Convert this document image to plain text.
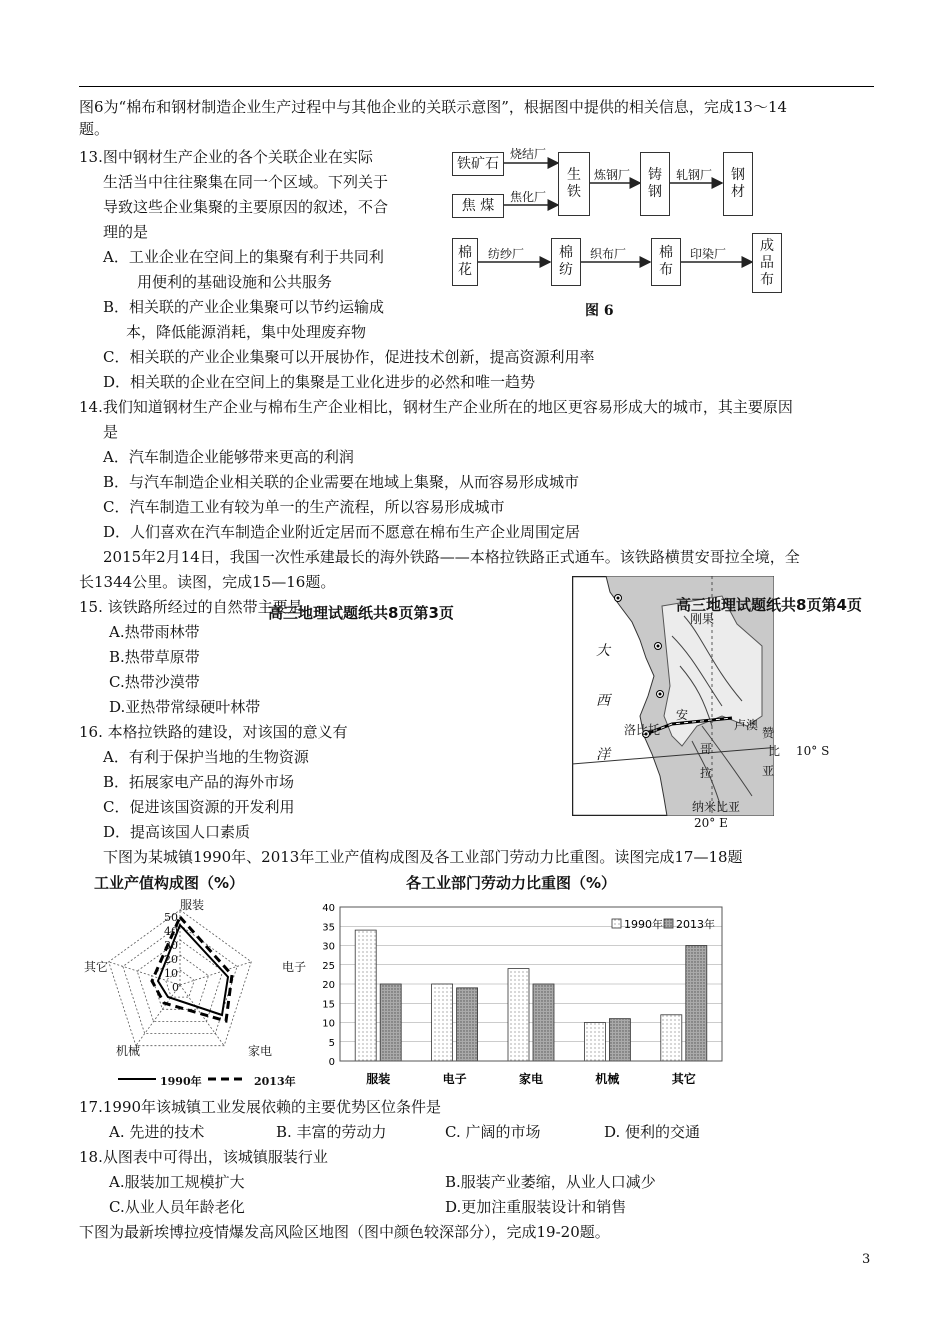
图6为“棉布和钢材制造企业生产过程中与其他企业的关联示意图”，根据图中提供的相关信息，完成13～14
题。
13.图中钢材生产企业的各个关联企业在实际
生活当中往往聚集在同一个区域。下列关于
导致这些企业集聚的主要原因的叙述，不合
理的是
A．工业企业在空间上的集聚有利于共同利
用便利的基础设施和公共服务
B．相关联的产业企业集聚可以节约运输成
本，降低能源消耗，集中处理废弃物
C．相关联的产业企业集聚可以开展协作，促进技术创新，提高资源利用率
D．相关联的企业在空间上的集聚是工业化进步的必然和唯一趋势
铁矿石
焦 煤
生
铁
铸
钢
钢
材
烧结厂
焦化厂
炼钢厂	轧钢厂
棉
花
棉
纺
棉
布
成
品
布
纺纱厂	织布厂	印染厂
图 6
14.我们知道钢材生产企业与棉布生产企业相比，钢材生产企业所在的地区更容易形成大的城市，其主要原因
是
A．汽车制造企业能够带来更高的利润
B．与汽车制造企业相关联的企业需要在地域上集聚，从而容易形成城市
C．汽车制造工业有较为单一的生产流程，所以容易形成城市
D．人们喜欢在汽车制造企业附近定居而不愿意在棉布生产企业周围定居
2015年2月14日，我国一次性承建最长的海外铁路——本格拉铁路正式通车。该铁路横贯安哥拉全境，全
长1344公里。读图，完成15—16题。
15. 该铁路所经过的自然带主要是
高三地理试题纸共8页第3页
A.热带雨林带
B.热带草原带
C.热带沙漠带
D.亚热带常绿硬叶林带
16. 本格拉铁路的建设，对该国的意义有
A．有利于保护当地的生物资源
B．拓展家电产品的海外市场
C．促进该国资源的开发利用
D．提高该国人口素质
大
西
洋
刚果
洛比托
安
哥
拉
卢 澳
赞
比
亚
纳米比亚
10° S
20° E
高三地理试题纸共8页第4页
下图为某城镇1990年、2013年工业产值构成图及各工业部门劳动力比重图。读图完成17—18题
工业产值构成图（%）
服装
电子
家电
机械
其它
50
40
30
20
10
0
1990年	2013年
各工业部门劳动力比重图（%）
0
5
10
15
20
25
30
35
40
服装	电子	家电	机械	其它
1990年 2013年
17.1990年该城镇工业发展依赖的主要优势区位条件是
A. 先进的技术	B. 丰富的劳动力	C. 广阔的市场	D. 便利的交通
18.从图表中可得出，该城镇服装行业
A.服装加工规模扩大	B.服装产业萎缩，从业人口减少
C.从业人员年龄老化	D.更加注重服装设计和销售
下图为最新埃博拉疫情爆发高风险区地图（图中颜色较深部分），完成19-20题。
3
